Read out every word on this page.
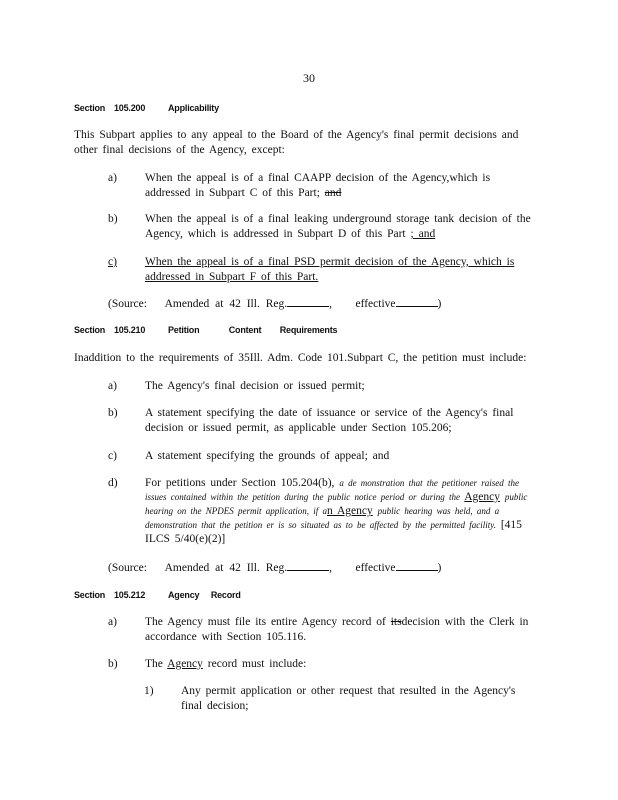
30
Section 105.200	Applicability
This Subpart applies to any appeal to the Board of the Agency's final permit decisions and other final decisions of the Agency, except:
a) When the appeal is of a final CAAPP decision of the Agency,which is addressed in Subpart C of this Part; and
b) When the appeal is of a final leaking underground storage tank decision of the Agency, which is addressed in Subpart D of this Part ; and
c) When the appeal is of a final PSD permit decision of the Agency, which is addressed in Subpart F of this Part.
(Source: Amended at 42 Ill. Reg.	,    effective	)
Section 105.210	Petition	Content Requirements
Inaddition to the requirements of 35Ill. Adm. Code 101.Subpart C, the petition must include:
a) The Agency's final decision or issued permit;
b) A statement specifying the date of issuance or service of the Agency's final decision or issued permit, as applicable under Section 105.206;
c) A statement specifying the grounds of appeal; and
d) For petitions under Section 105.204(b), a de monstration that the petitioner raised the issues contained within the petition during the public notice period or during the Agency public hearing on the NPDES permit application, if an Agency public hearing was held, and a demonstration that the petition er is so situated as to be affected by the permitted facility. [415 ILCS 5/40(e)(2)]
(Source: Amended at 42 Ill. Reg.	,    effective	)
Section 105.212	Agency Record
a) The Agency must file its entire Agency record of itsdecision with the Clerk in accordance with Section 105.116.
b) The Agency record must include:
1) Any permit application or other request that resulted in the Agency's final decision;
